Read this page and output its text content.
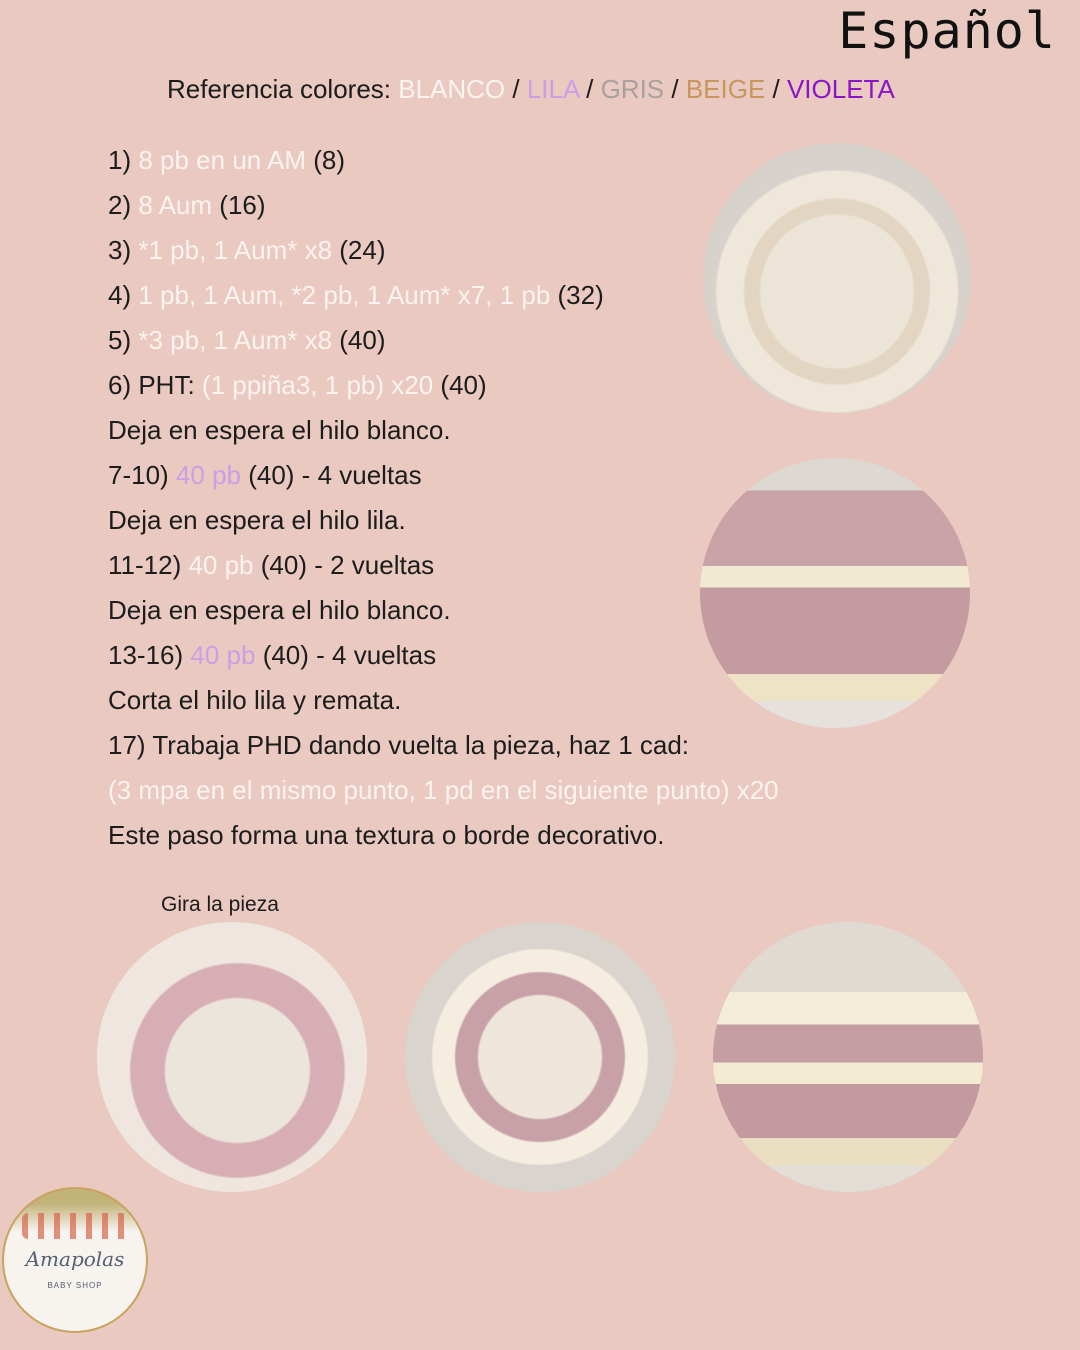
Español
Referencia colores: BLANCO / LILA / GRIS / BEIGE / VIOLETA
1) 8 pb en un AM (8)
2) 8 Aum (16)
3) *1 pb, 1 Aum* x8 (24)
4) 1 pb, 1 Aum, *2 pb, 1 Aum* x7, 1 pb (32)
5) *3 pb, 1 Aum* x8 (40)
6) PHT: (1 ppiña3, 1 pb) x20 (40)
Deja en espera el hilo blanco.
7-10) 40 pb (40) - 4 vueltas
Deja en espera el hilo lila.
11-12) 40 pb (40) - 2 vueltas
Deja en espera el hilo blanco.
13-16) 40 pb (40) - 4 vueltas
Corta el hilo lila y remata.
17) Trabaja PHD dando vuelta la pieza, haz 1 cad:
(3 mpa en el mismo punto, 1 pd en el siguiente punto) x20
Este paso forma una textura o borde decorativo.
Gira la pieza
Amapolas
BABY SHOP
